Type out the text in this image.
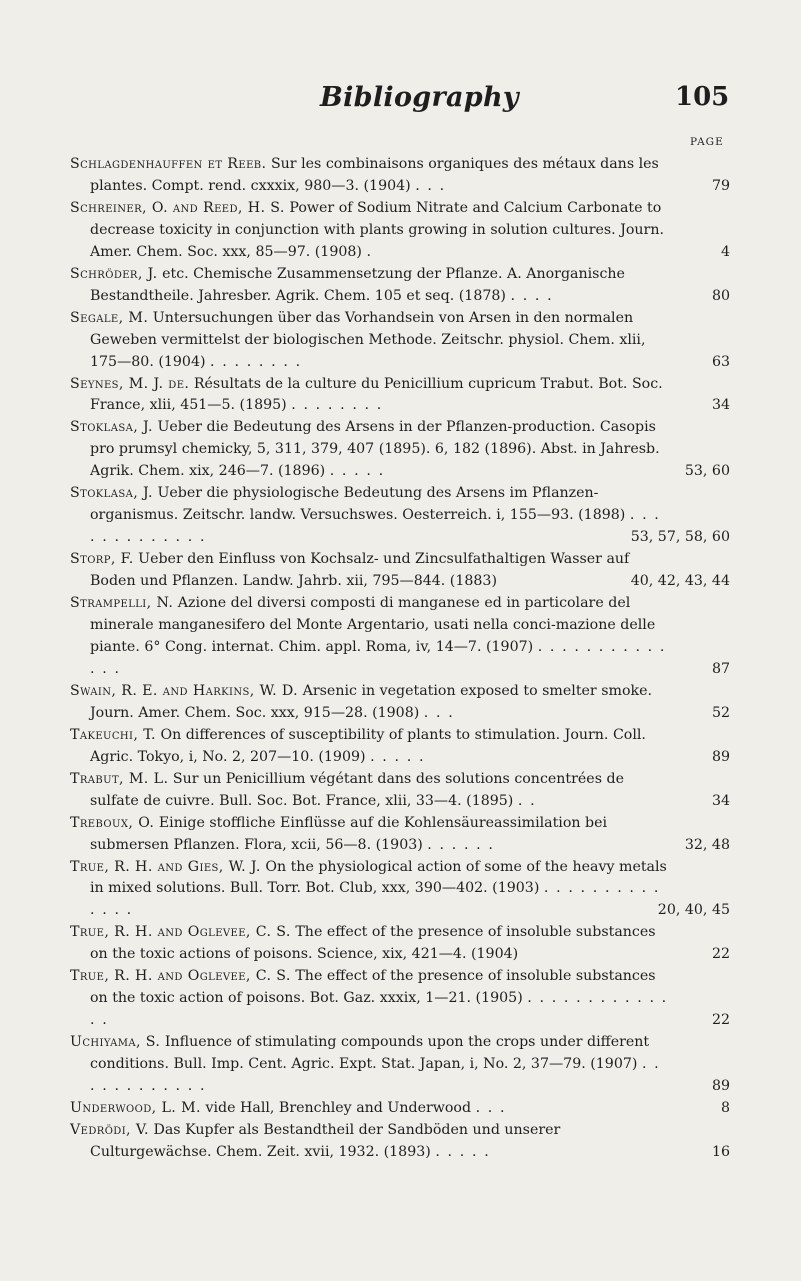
Bibliography	105
PAGE
Schlagdenhauffen et Reeb. Sur les combinaisons organiques des métaux dans les plantes. Compt. rend. cxxxix, 980—3. (1904) . . .	79
Schreiner, O. and Reed, H. S. Power of Sodium Nitrate and Calcium Carbonate to decrease toxicity in conjunction with plants growing in solution cultures. Journ. Amer. Chem. Soc. xxx, 85—97. (1908) .	4
Schröder, J. etc. Chemische Zusammensetzung der Pflanze. A. Anorganische Bestandtheile. Jahresber. Agrik. Chem. 105 et seq. (1878) . . . .	80
Segale, M. Untersuchungen über das Vorhandsein von Arsen in den normalen Geweben vermittelst der biologischen Methode. Zeitschr. physiol. Chem. xlii, 175—80. (1904) . . . . . . . .	63
Seynes, M. J. de. Résultats de la culture du Penicillium cupricum Trabut. Bot. Soc. France, xlii, 451—5. (1895) . . . . . . . .	34
Stoklasa, J. Ueber die Bedeutung des Arsens in der Pflanzen-production. Casopis pro prumsyl chemicky, 5, 311, 379, 407 (1895). 6, 182 (1896). Abst. in Jahresb. Agrik. Chem. xix, 246—7. (1896) . . . . .	53, 60
Stoklasa, J. Ueber die physiologische Bedeutung des Arsens im Pflanzen-organismus. Zeitschr. landw. Versuchswes. Oesterreich. i, 155—93. (1898) . . . . . . . . . . . . .	53, 57, 58, 60
Storp, F. Ueber den Einfluss von Kochsalz- und Zincsulfathaltigen Wasser auf Boden und Pflanzen. Landw. Jahrb. xii, 795—844. (1883)	40, 42, 43, 44
Strampelli, N. Azione del diversi composti di manganese ed in particolare del minerale manganesifero del Monte Argentario, usati nella conci-mazione delle piante. 6° Cong. internat. Chim. appl. Roma, iv, 14—7. (1907) . . . . . . . . . . . . . .	87
Swain, R. E. and Harkins, W. D. Arsenic in vegetation exposed to smelter smoke. Journ. Amer. Chem. Soc. xxx, 915—28. (1908) . . .	52
Takeuchi, T. On differences of susceptibility of plants to stimulation. Journ. Coll. Agric. Tokyo, i, No. 2, 207—10. (1909) . . . . .	89
Trabut, M. L. Sur un Penicillium végétant dans des solutions concentrées de sulfate de cuivre. Bull. Soc. Bot. France, xlii, 33—4. (1895) . .	34
Treboux, O. Einige stoffliche Einflüsse auf die Kohlensäureassimilation bei submersen Pflanzen. Flora, xcii, 56—8. (1903) . . . . . .	32, 48
True, R. H. and Gies, W. J. On the physiological action of some of the heavy metals in mixed solutions. Bull. Torr. Bot. Club, xxx, 390—402. (1903) . . . . . . . . . . . . . .	20, 40, 45
True, R. H. and Oglevee, C. S. The effect of the presence of insoluble substances on the toxic actions of poisons. Science, xix, 421—4. (1904)	22
True, R. H. and Oglevee, C. S. The effect of the presence of insoluble substances on the toxic action of poisons. Bot. Gaz. xxxix, 1—21. (1905) . . . . . . . . . . . . . .	22
Uchiyama, S. Influence of stimulating compounds upon the crops under different conditions. Bull. Imp. Cent. Agric. Expt. Stat. Japan, i, No. 2, 37—79. (1907) . . . . . . . . . . . .	89
Underwood, L. M. vide Hall, Brenchley and Underwood . . .	8
Vedrödi, V. Das Kupfer als Bestandtheil der Sandböden und unserer Culturgewächse. Chem. Zeit. xvii, 1932. (1893) . . . . .	16
